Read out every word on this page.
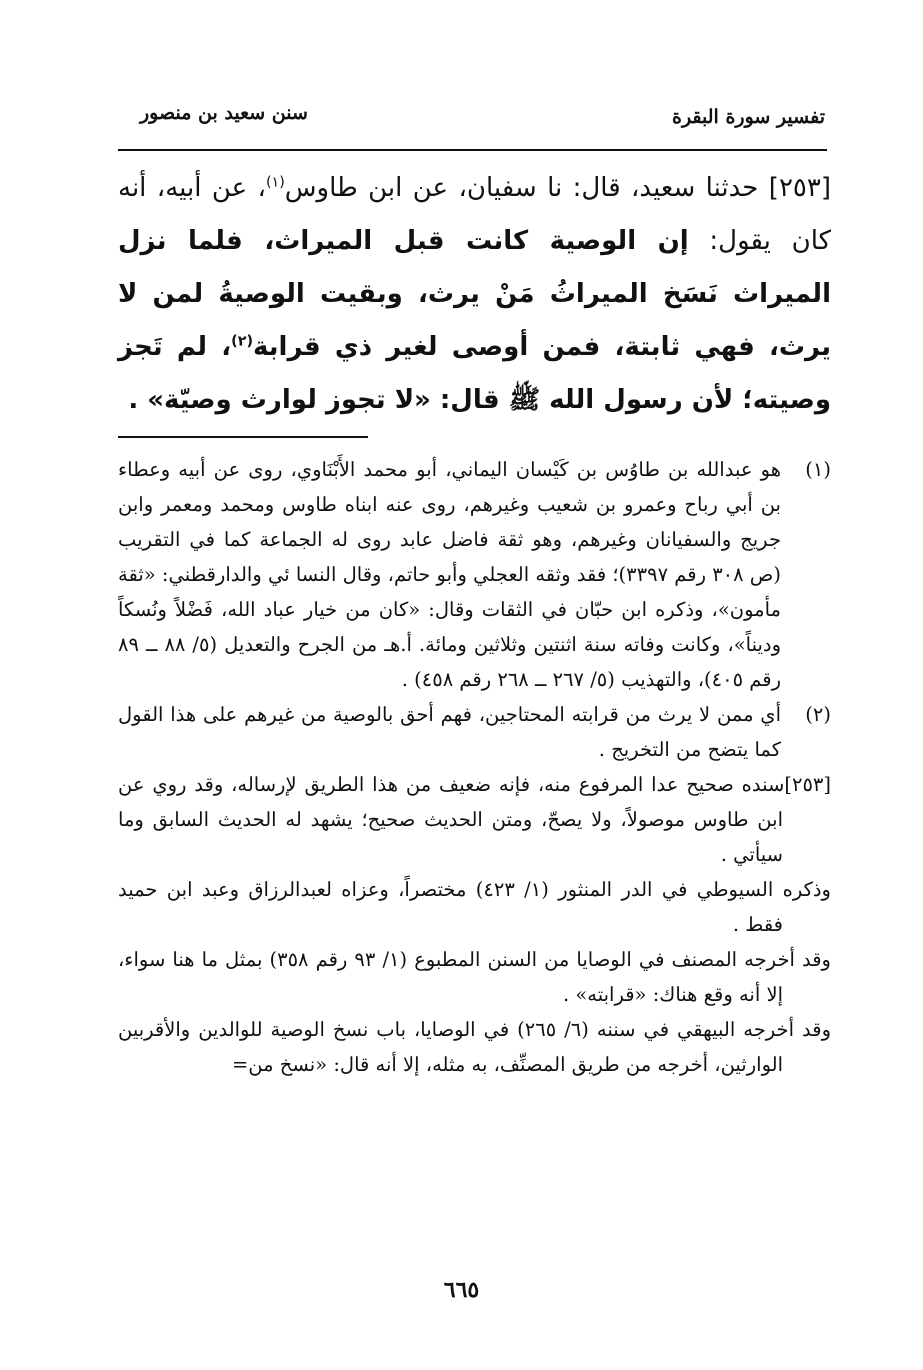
تفسير سورة البقرة
سنن سعيد بن منصور
[٢٥٣] حدثنا سعيد، قال: نا سفيان، عن ابن طاوس$^{(١)}$، عن أبيه، أنه كان يقول: إن الوصية كانت قبل الميراث، فلما نزل الميراث نَسَخ الميراثُ مَنْ يرث، وبقيت الوصيةُ لمن لا يرث، فهي ثابتة، فمن أوصى لغير ذي قرابة$^{(٢)}$، لم تَجز وصيته؛ لأن رسول الله ﷺ قال: «لا تجوز لوارث وصيّة» .

(١)
هو عبدالله بن طاوُس بن كَيْسان اليماني، أبو محمد الأَبْنَاوي، روى عن أبيه وعطاء بن أبي رباح وعمرو بن شعيب وغيرهم، روى عنه ابناه طاوس ومحمد ومعمر وابن جريج والسفيانان وغيرهم، وهو ثقة فاضل عابد روى له الجماعة كما في التقريب (ص ٣٠٨ رقم ٣٣٩٧)؛ فقد وثقه العجلي وأبو حاتم، وقال النسا ئي والدارقطني: «ثقة مأمون»، وذكره ابن حبّان في الثقات وقال: «كان من خيار عباد الله، فَضْلاً ونُسكاً وديناً»، وكانت وفاته سنة اثنتين وثلاثين ومائة. أ.هـ من الجرح والتعديل (٥/ ٨٨ ــ ٨٩ رقم ٤٠٥)، والتهذيب (٥/ ٢٦٧ ــ ٢٦٨ رقم ٤٥٨) .

(٢)
أي ممن لا يرث من قرابته المحتاجين، فهم أحق بالوصية من غيرهم على هذا القول كما يتضح من التخريج .

[٢٥٣]سنده صحيح عدا المرفوع منه، فإنه ضعيف من هذا الطريق لإرساله، وقد روي عن ابن طاوس موصولاً، ولا يصحّ، ومتن الحديث صحيح؛ يشهد له الحديث السابق وما سيأتي .

وذكره السيوطي في الدر المنثور (١/ ٤٢٣) مختصراً، وعزاه لعبدالرزاق وعبد ابن حميد فقط .

وقد أخرجه المصنف في الوصايا من السنن المطبوع (١/ ٩٣ رقم ٣٥٨) بمثل ما هنا سواء، إلا أنه وقع هناك: «قرابته» .

وقد أخرجه البيهقي في سننه (٦/ ٢٦٥) في الوصايا، باب نسخ الوصية للوالدين والأقربين الوارثين، أخرجه من طريق المصنِّف، به مثله، إلا أنه قال: «نسخ من=

٦٦٥
